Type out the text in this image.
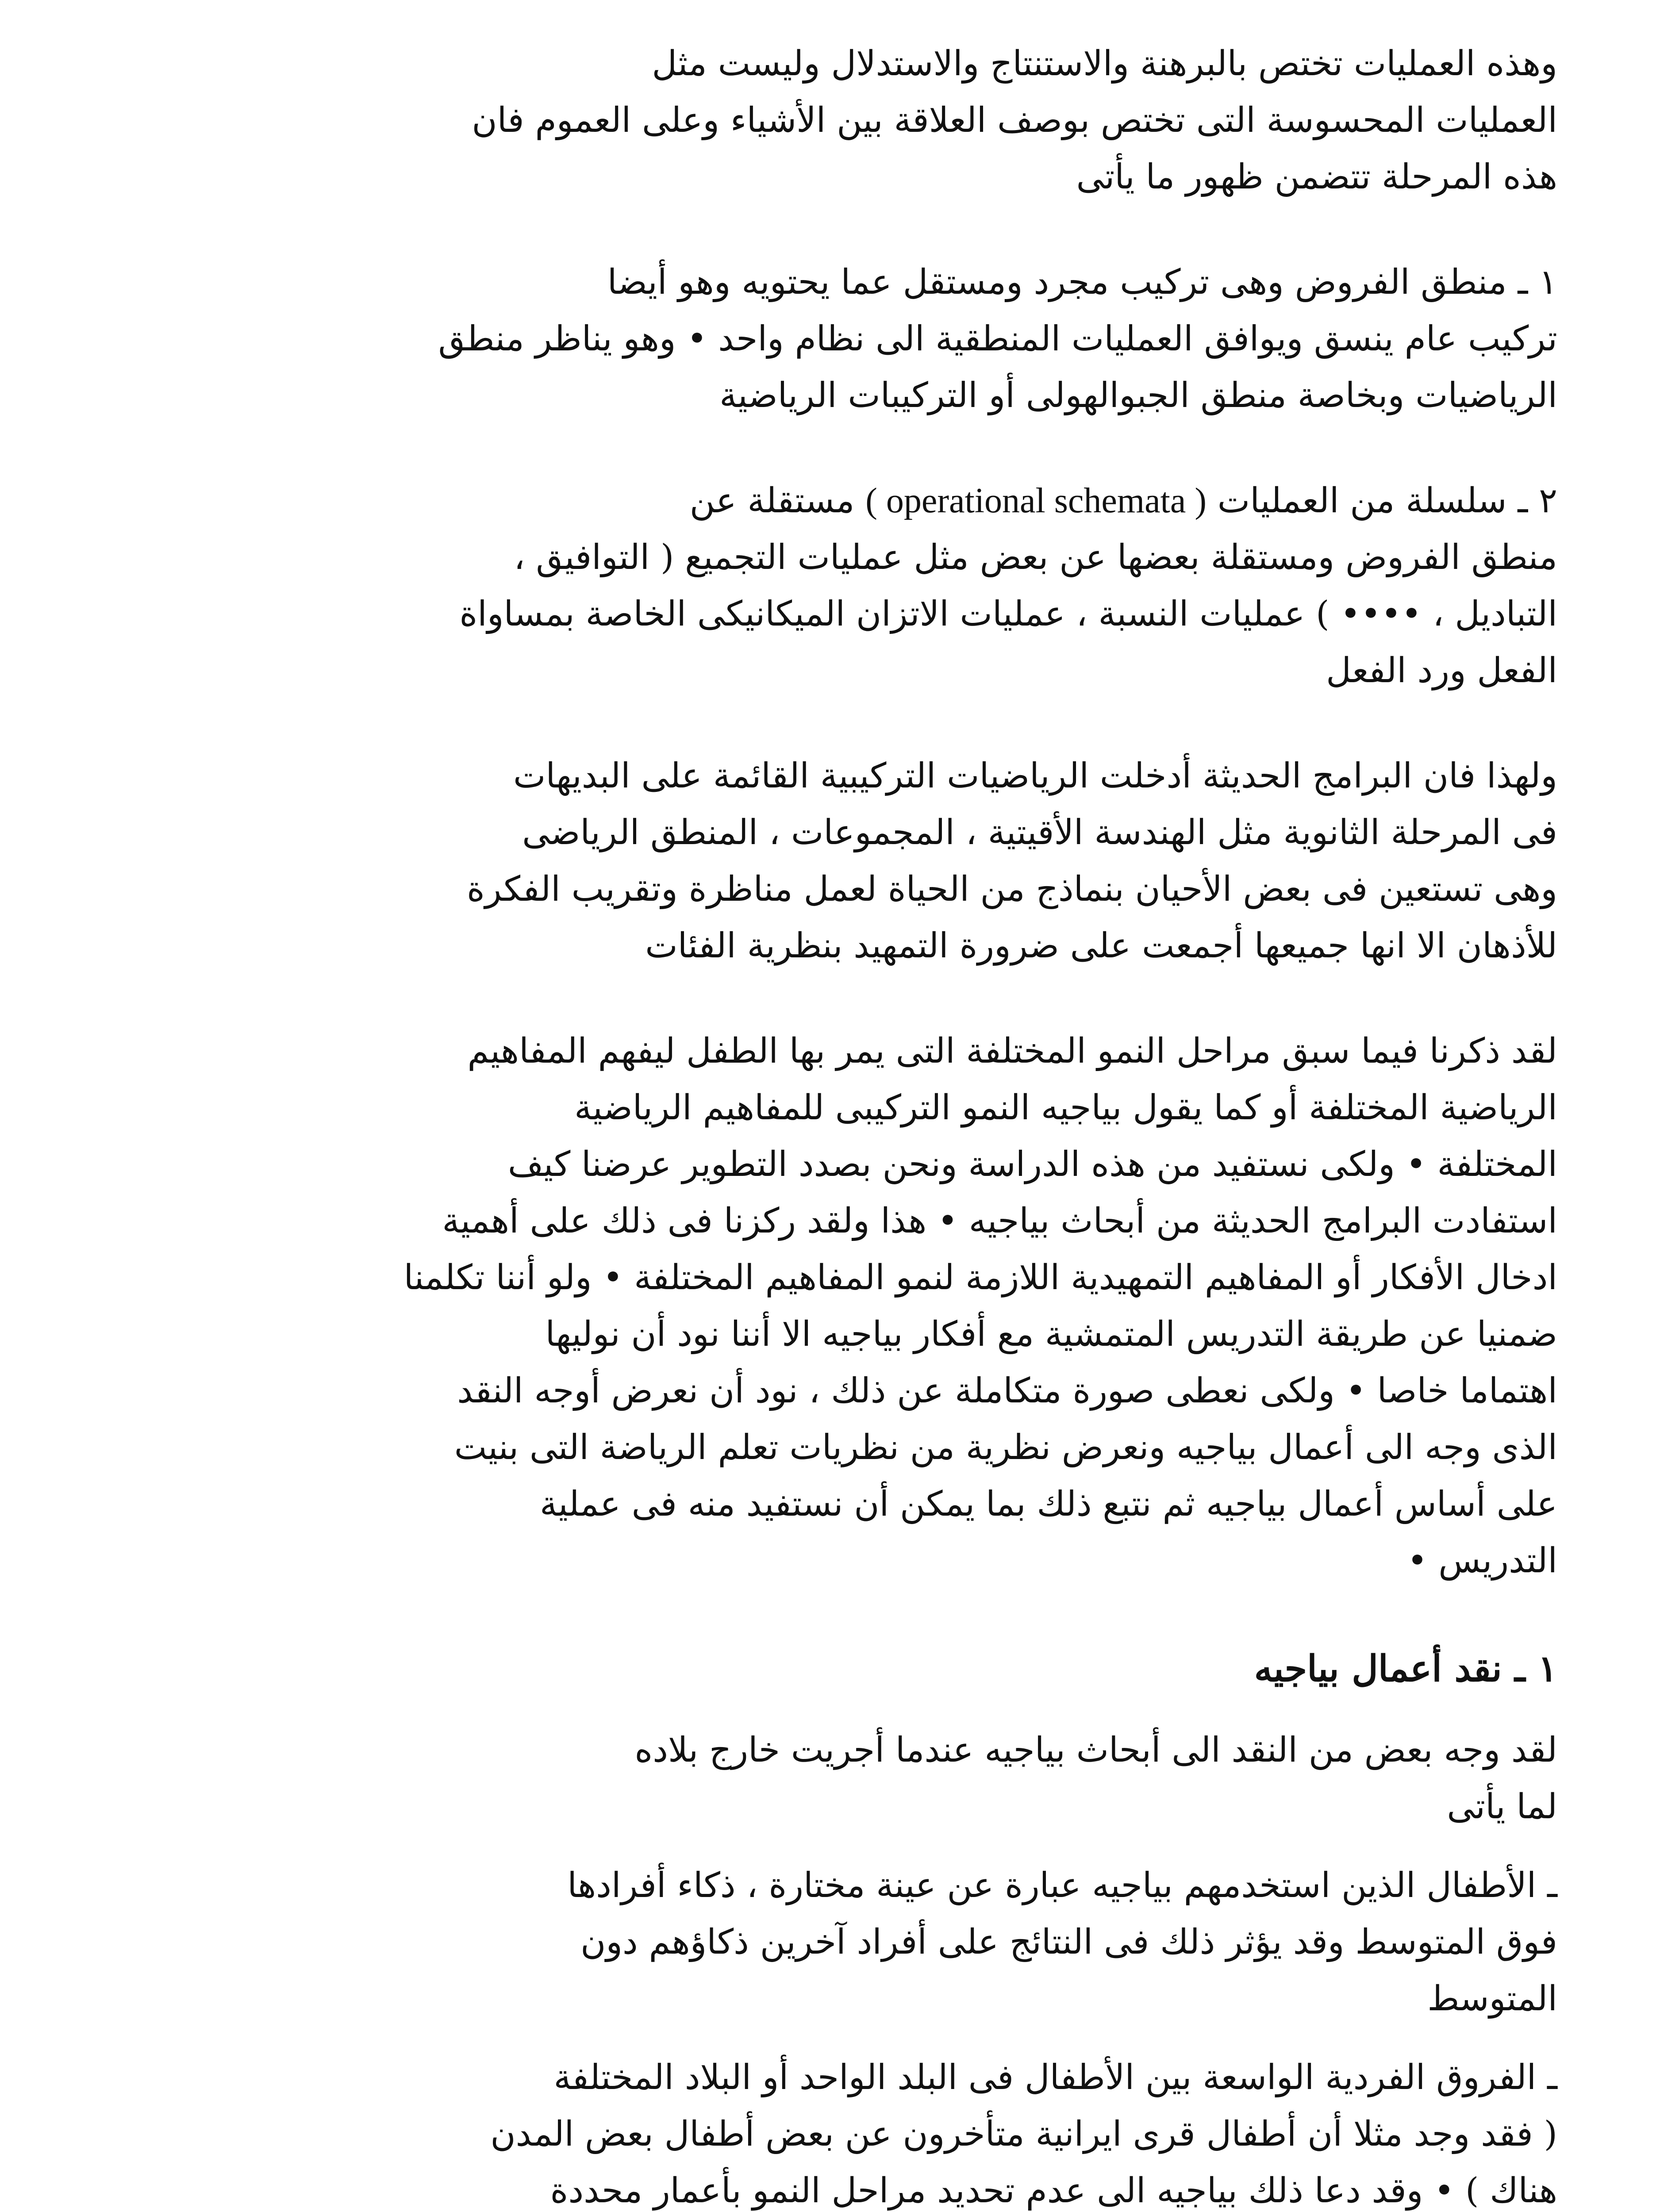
وهذه العمليات تختص بالبرهنة والاستنتاج والاستدلال وليست مثل
العمليات المحسوسة التى تختص بوصف العلاقة بين الأشياء وعلى العموم فان
هذه المرحلة تتضمن ظهور ما يأتى

١ ـ منطق الفروض وهى تركيب مجرد ومستقل عما يحتويه وهو أيضا
تركيب عام ينسق ويوافق العمليات المنطقية الى نظام واحد • وهو يناظر منطق
الرياضيات وبخاصة منطق الجبوالهولى أو التركيبات الرياضية

٢ ـ سلسلة من العمليات ( operational schemata ) مستقلة عن
منطق الفروض ومستقلة بعضها عن بعض مثل عمليات التجميع ( التوافيق ،
التباديل ، •••• ) عمليات النسبة ، عمليات الاتزان الميكانيكى الخاصة بمساواة
الفعل ورد الفعل

ولهذا فان البرامج الحديثة أدخلت الرياضيات التركيبية القائمة على البديهات
فى المرحلة الثانوية مثل الهندسة الأقيتية ، المجموعات ، المنطق الرياضى
وهى تستعين فى بعض الأحيان بنماذج من الحياة لعمل مناظرة وتقريب الفكرة
للأذهان الا انها جميعها أجمعت على ضرورة التمهيد بنظرية الفئات

لقد ذكرنا فيما سبق مراحل النمو المختلفة التى يمر بها الطفل ليفهم المفاهيم
الرياضية المختلفة أو كما يقول بياجيه النمو التركيبى للمفاهيم الرياضية
المختلفة • ولكى نستفيد من هذه الدراسة ونحن بصدد التطوير عرضنا كيف
استفادت البرامج الحديثة من أبحاث بياجيه • هذا ولقد ركزنا فى ذلك على أهمية
ادخال الأفكار أو المفاهيم التمهيدية اللازمة لنمو المفاهيم المختلفة • ولو أننا تكلمنا
ضمنيا عن طريقة التدريس المتمشية مع أفكار بياجيه الا أننا نود أن نوليها
اهتماما خاصا • ولكى نعطى صورة متكاملة عن ذلك ، نود أن نعرض أوجه النقد
الذى وجه الى أعمال بياجيه ونعرض نظرية من نظريات تعلم الرياضة التى بنيت
على أساس أعمال بياجيه ثم نتبع ذلك بما يمكن أن نستفيد منه فى عملية
التدريس •

١ ـ نقد أعمال بياجيه

لقد وجه بعض من النقد الى أبحاث بياجيه عندما أجريت خارج بلاده
لما يأتى

ـ الأطفال الذين استخدمهم بياجيه عبارة عن عينة مختارة ، ذكاء أفرادها
فوق المتوسط وقد يؤثر ذلك فى النتائج على أفراد آخرين ذكاؤهم دون
المتوسط

ـ الفروق الفردية الواسعة بين الأطفال فى البلد الواحد أو البلاد المختلفة
( فقد وجد مثلا أن أطفال قرى ايرانية متأخرون عن بعض أطفال بعض المدن
هناك ) • وقد دعا ذلك بياجيه الى عدم تحديد مراحل النمو بأعمار محددة
